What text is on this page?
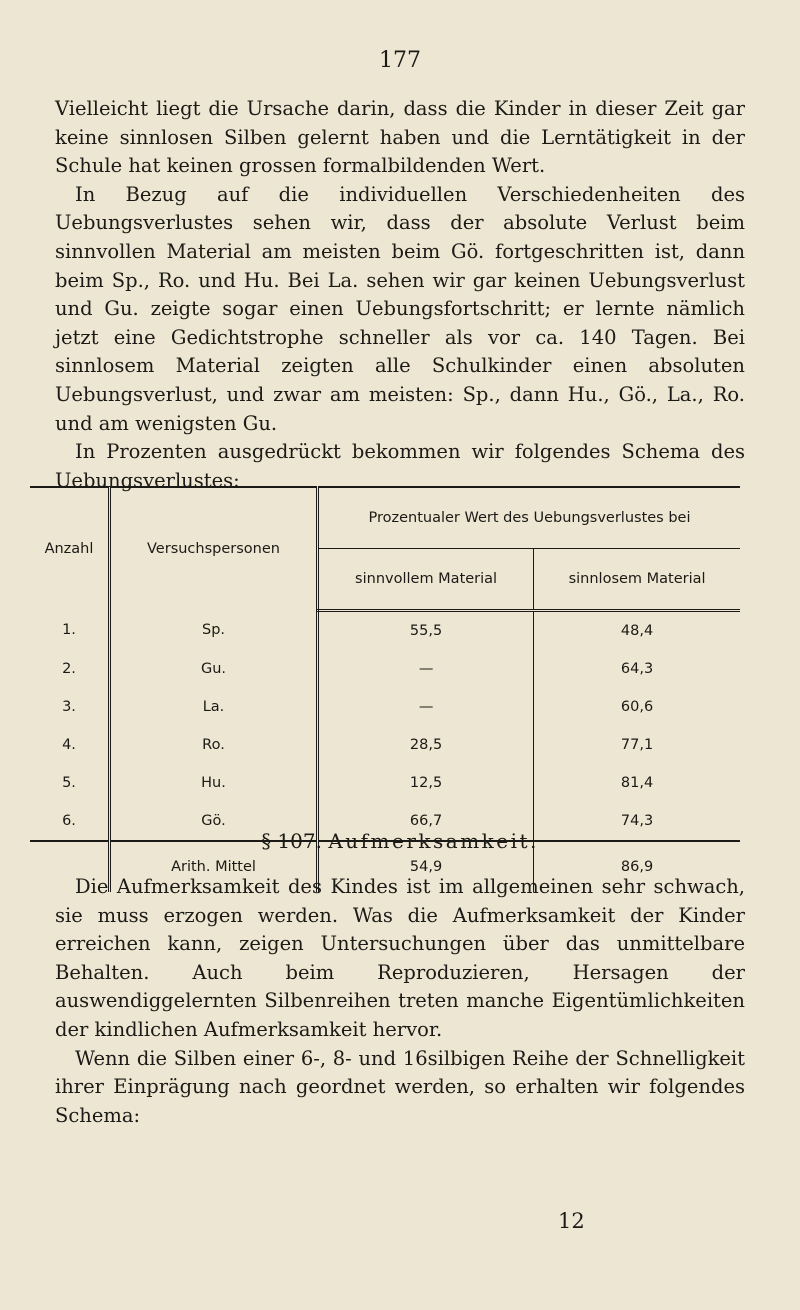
177

Vielleicht liegt die Ursache darin, dass die Kinder in dieser Zeit gar keine sinnlosen Silben gelernt haben und die Lerntätigkeit in der Schule hat keinen grossen formalbildenden Wert.

In Bezug auf die individuellen Verschiedenheiten des Uebungsverlustes sehen wir, dass der absolute Verlust beim sinnvollen Material am meisten beim Gö. fortgeschritten ist, dann beim Sp., Ro. und Hu. Bei La. sehen wir gar keinen Uebungsverlust und Gu. zeigte sogar einen Uebungsfortschritt; er lernte nämlich jetzt eine Gedichtstrophe schneller als vor ca. 140 Tagen. Bei sinnlosem Material zeigten alle Schulkinder einen absoluten Uebungsverlust, und zwar am meisten: Sp., dann Hu., Gö., La., Ro. und am wenigsten Gu.

In Prozenten ausgedrückt bekommen wir folgendes Schema des Uebungsverlustes:

Anzahl	Versuchspersonen	Prozentualer Wert des Uebungsverlustes bei	
		sinnvollem Material	sinnlosem Material
1.	Sp.	55,5	48,4
2.	Gu.	—	64,3
3.	La.	—	60,6
4.	Ro.	28,5	77,1
5.	Hu.	12,5	81,4
6.	Gö.	66,7	74,3
	Arith. Mittel	54,9	86,9
§ 107. Aufmerksamkeit.

Die Aufmerksamkeit des Kindes ist im allgemeinen sehr schwach, sie muss erzogen werden. Was die Aufmerksamkeit der Kinder erreichen kann, zeigen Untersuchungen über das unmittelbare Behalten. Auch beim Reproduzieren, Hersagen der auswendiggelernten Silbenreihen treten manche Eigentümlichkeiten der kindlichen Aufmerksamkeit hervor.

Wenn die Silben einer 6-, 8- und 16silbigen Reihe der Schnelligkeit ihrer Einprägung nach geordnet werden, so erhalten wir folgendes Schema:

12
